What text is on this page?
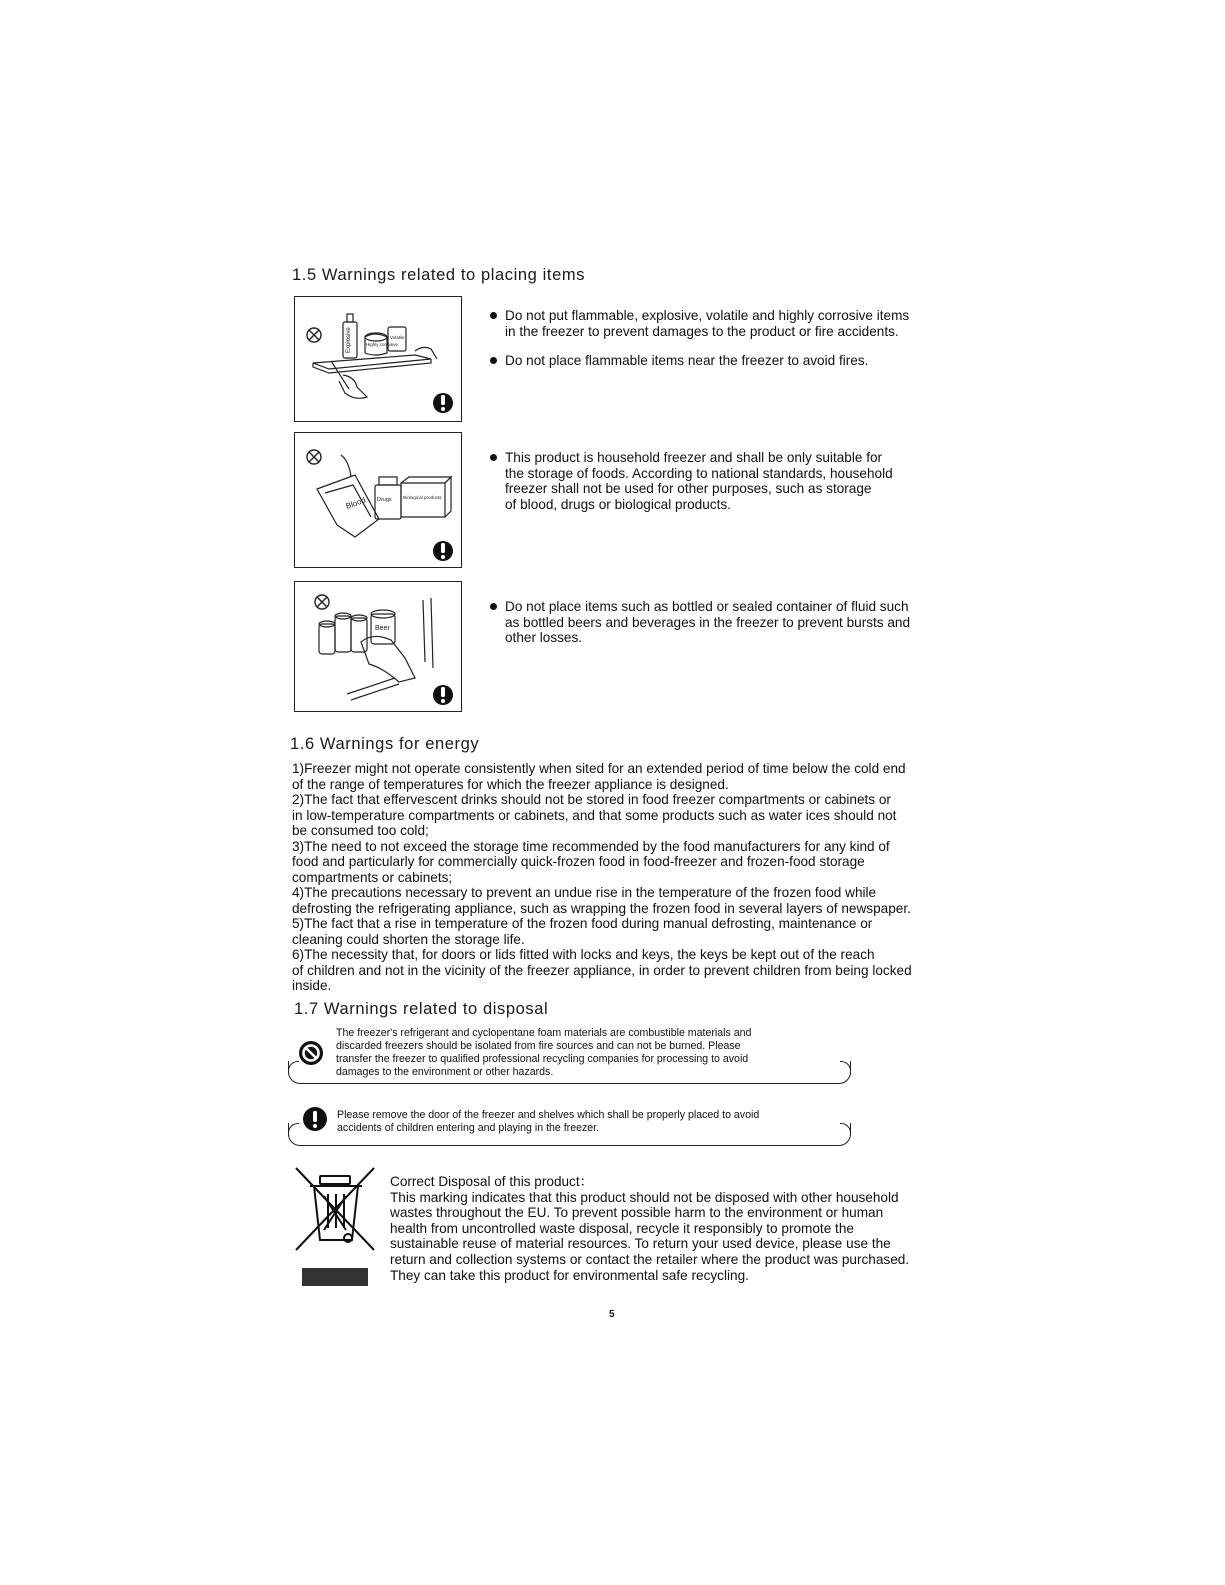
1.5 Warnings related to placing items
Explosive	Highly corrosive
Volatile
Do not put flammable, explosive, volatile and highly corrosive items
in the freezer to prevent damages to the product or fire accidents.
Do not place flammable items near the freezer to avoid fires.
Blood Drugs Biological products
This product is household freezer and shall be only suitable for
the storage of foods. According to national standards, household
freezer shall not be used for other purposes, such as storage
of blood, drugs or biological products.
Beer
Do not place items such as bottled or sealed container of fluid such
as bottled beers and beverages in the freezer to prevent bursts and
other losses.
1.6 Warnings for energy
1)Freezer might not operate consistently when sited for an extended period of time below the cold end
of the range of temperatures for which the freezer appliance is designed.
2)The fact that effervescent drinks should not be stored in food freezer compartments or cabinets or
in low-temperature compartments or cabinets, and that some products such as water ices should not
be consumed too cold;
3)The need to not exceed the storage time recommended by the food manufacturers for any kind of
food and particularly for commercially quick-frozen food in food-freezer and frozen-food storage
compartments or cabinets;
4)The precautions necessary to prevent an undue rise in the temperature of the frozen food while
defrosting the refrigerating appliance, such as wrapping the frozen food in several layers of newspaper.
5)The fact that a rise in temperature of the frozen food during manual defrosting, maintenance or
cleaning could shorten the storage life.
6)The necessity that, for doors or lids fitted with locks and keys, the keys be kept out of the reach
of children and not in the vicinity of the freezer appliance, in order to prevent children from being locked
inside.
1.7 Warnings related to disposal
The freezer's refrigerant and cyclopentane foam materials are combustible materials and
discarded freezers should be isolated from fire sources and can not be burned. Please
transfer the freezer to qualified professional recycling companies for processing to avoid
damages to the environment or other hazards.
Please remove the door of the freezer and shelves which shall be properly placed to avoid
accidents of children entering and playing in the freezer.
Correct Disposal of this product：
This marking indicates that this product should not be disposed with other household
wastes throughout the EU. To prevent possible harm to the environment or human
health from uncontrolled waste disposal, recycle it responsibly to promote the
sustainable reuse of material resources. To return your used device, please use the
return and collection systems or contact the retailer where the product was purchased.
They can take this product for environmental safe recycling.
5
